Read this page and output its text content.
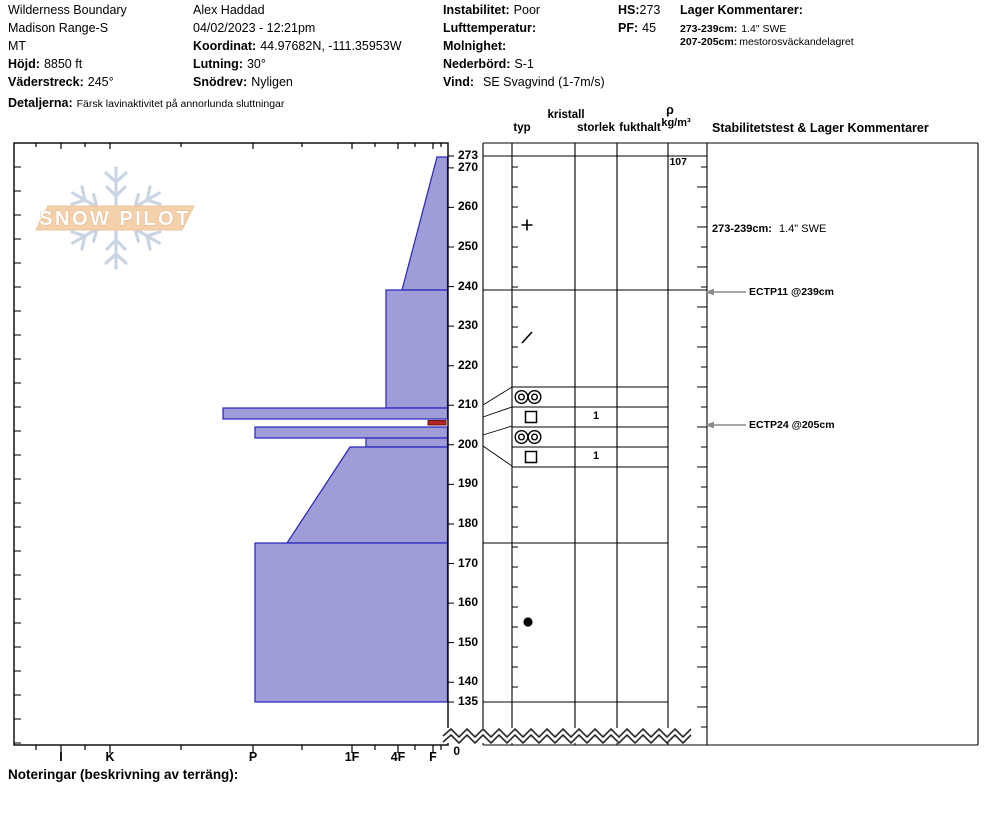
Wilderness Boundary
Madison Range-S
MT
Höjd: 8850 ft
Väderstreck: 245°
Detaljerna: Färsk lavinaktivitet på annorlunda sluttningar
Alex Haddad
04/02/2023 - 12:21pm
Koordinat: 44.97682N, -111.35953W
Lutning: 30°
Snödrev: Nyligen
Instabilitet: Poor
Lufttemperatur:
Molnighet:
Nederbörd: S-1
Vind: SE Svagvind (1-7m/s)
HS:273
PF: 45
Lager Kommentarer:
273-239cm: 1.4" SWE
207-205cm: mestorosväckandelagret
SNOW PILOT
kristall
typ	storlek fukthalt
ρ
kg/m³	Stabilitetstest & Lager Kommentarer
273
270
260
250
240
230
220
210
200
190
180
170
160
150
140
135
I	K	P	1F	4F	F	0
107
1
1
273-239cm: 1.4" SWE
ECTP11 @239cm
ECTP24 @205cm
Noteringar (beskrivning av terräng):
